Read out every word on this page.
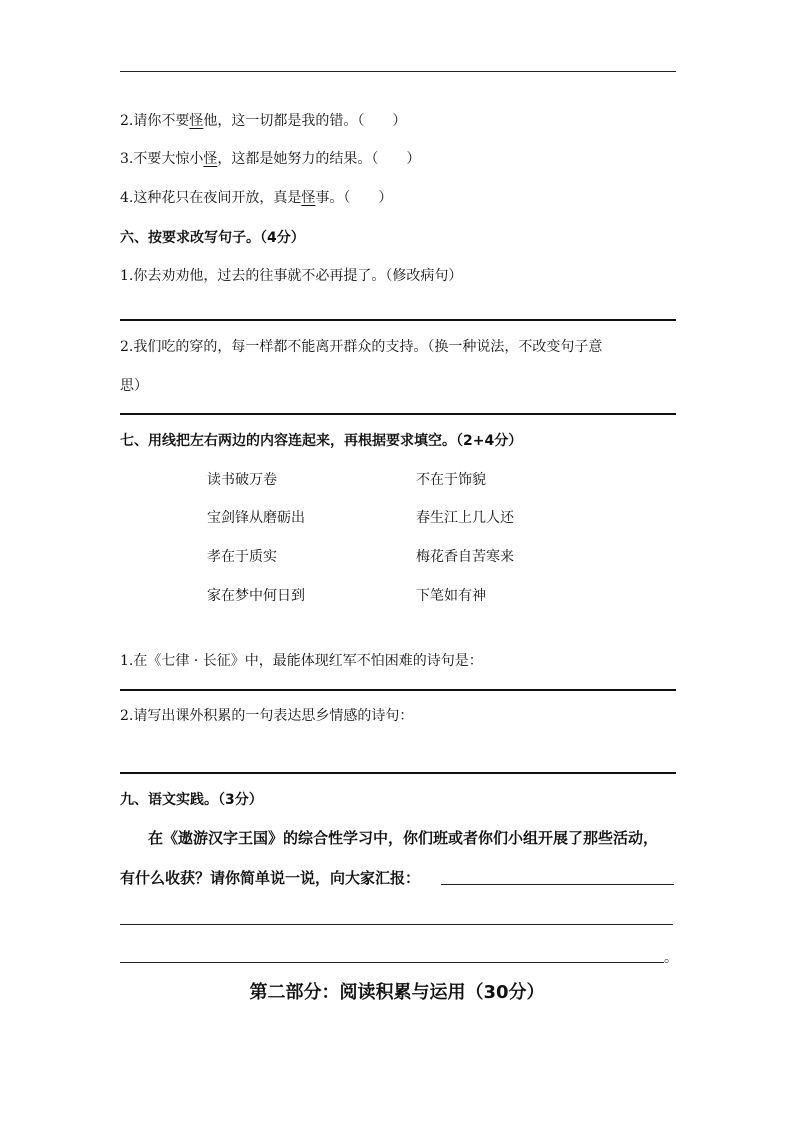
2.请你不要怪他，这一切都是我的错。（　　）
3.不要大惊小怪，这都是她努力的结果。（　　）
4.这种花只在夜间开放，真是怪事。（　　）
六、按要求改写句子。（4分）
1.你去劝劝他，过去的往事就不必再提了。（修改病句）
2.我们吃的穿的，每一样都不能离开群众的支持。（换一种说法，不改变句子意
思）
七、用线把左右两边的内容连起来，再根据要求填空。（2+4分）
读书破万卷
宝剑锋从磨砺出
孝在于质实
家在梦中何日到
不在于饰貌
春生江上几人还
梅花香自苦寒来
下笔如有神
1.在《七律 · 长征》中，最能体现红军不怕困难的诗句是：
2.请写出课外积累的一句表达思乡情感的诗句：
九、语文实践。（3分）
在《遨游汉字王国》的综合性学习中，你们班或者你们小组开展了那些活动，
有什么收获？请你简单说一说，向大家汇报：
。
第二部分：阅读积累与运用（30分）
